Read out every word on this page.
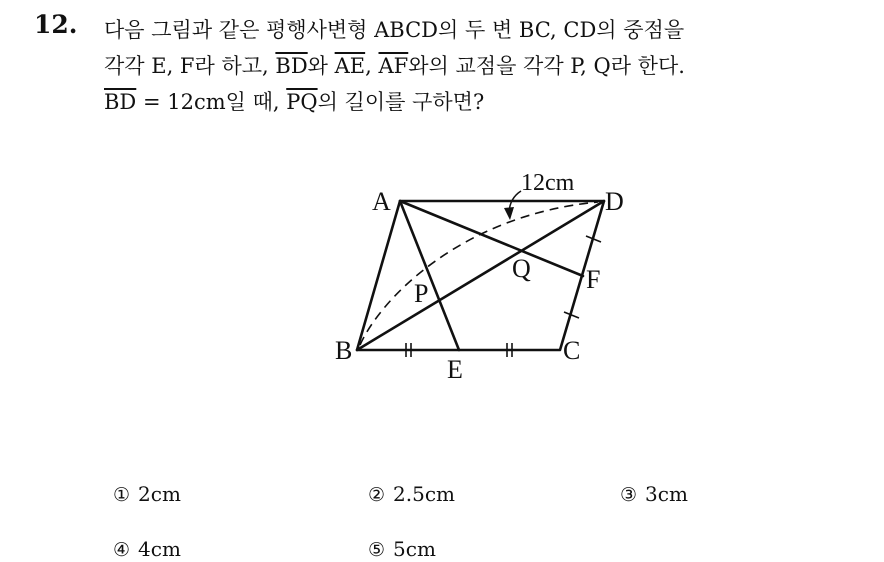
12. 다음 그림과 같은 평행사변형 ABCD의 두 변 BC, CD의 중점을
각각 E, F라 하고, $\overline{BD}$와 $\overline{AE}$, $\overline{AF}$와의 교점을 각각 P, Q라 한다.
$\overline{BD} = 12cm$일 때, $\overline{PQ}$의 길이를 구하면?
A	D
B	C
E
F
P
Q
12cm
① 2cm	② 2.5cm	③ 3cm
④ 4cm	⑤ 5cm
